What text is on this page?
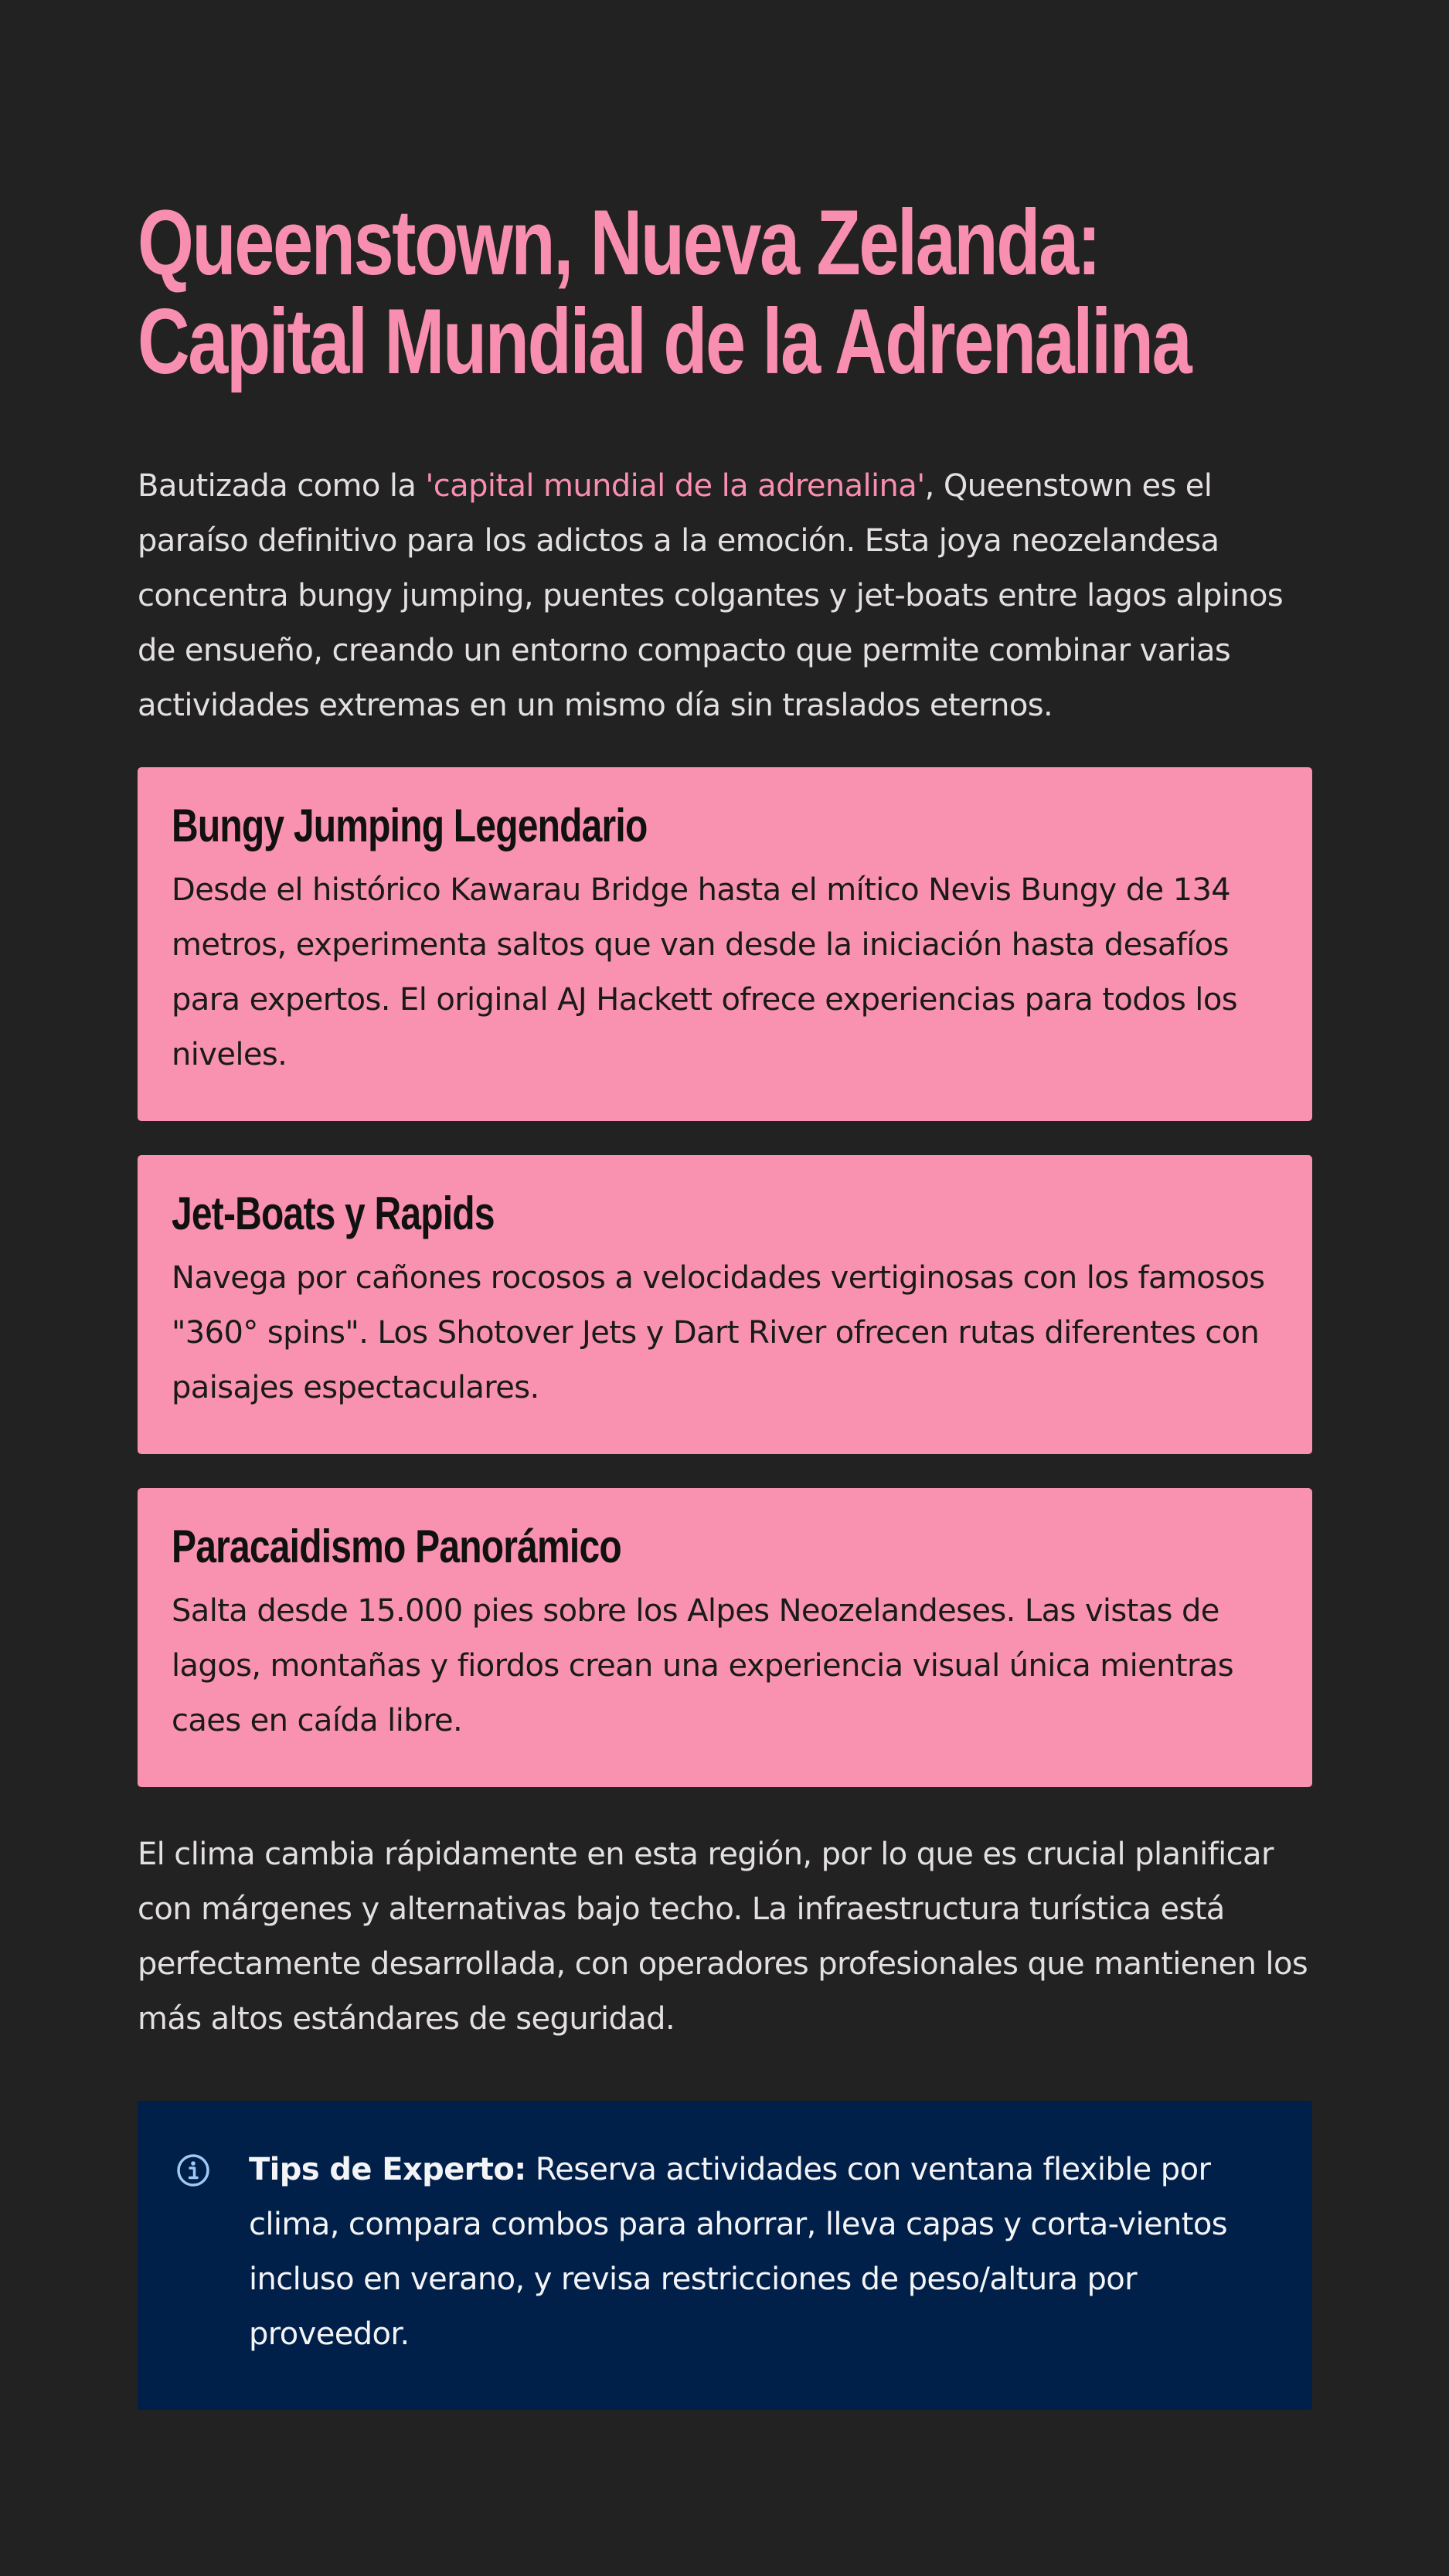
Queenstown, Nueva Zelanda:
Capital Mundial de la Adrenalina

Bautizada como la 'capital mundial de la adrenalina', Queenstown es el paraíso definitivo para los adictos a la emoción. Esta joya neozelandesa concentra bungy jumping, puentes colgantes y jet-boats entre lagos alpinos de ensueño, creando un entorno compacto que permite combinar varias actividades extremas en un mismo día sin traslados eternos.

Bungy Jumping Legendario

Desde el histórico Kawarau Bridge hasta el mítico Nevis Bungy de 134 metros, experimenta saltos que van desde la iniciación hasta desafíos para expertos. El original AJ Hackett ofrece experiencias para todos los niveles.

Jet-Boats y Rapids

Navega por cañones rocosos a velocidades vertiginosas con los famosos "360° spins". Los Shotover Jets y Dart River ofrecen rutas diferentes con paisajes espectaculares.

Paracaidismo Panorámico

Salta desde 15.000 pies sobre los Alpes Neozelandeses. Las vistas de lagos, montañas y fiordos crean una experiencia visual única mientras caes en caída libre.

El clima cambia rápidamente en esta región, por lo que es crucial planificar con márgenes y alternativas bajo techo. La infraestructura turística está perfectamente desarrollada, con operadores profesionales que mantienen los más altos estándares de seguridad.

Tips de Experto: Reserva actividades con ventana flexible por clima, compara combos para ahorrar, lleva capas y corta-vientos incluso en verano, y revisa restricciones de peso/altura por proveedor.
